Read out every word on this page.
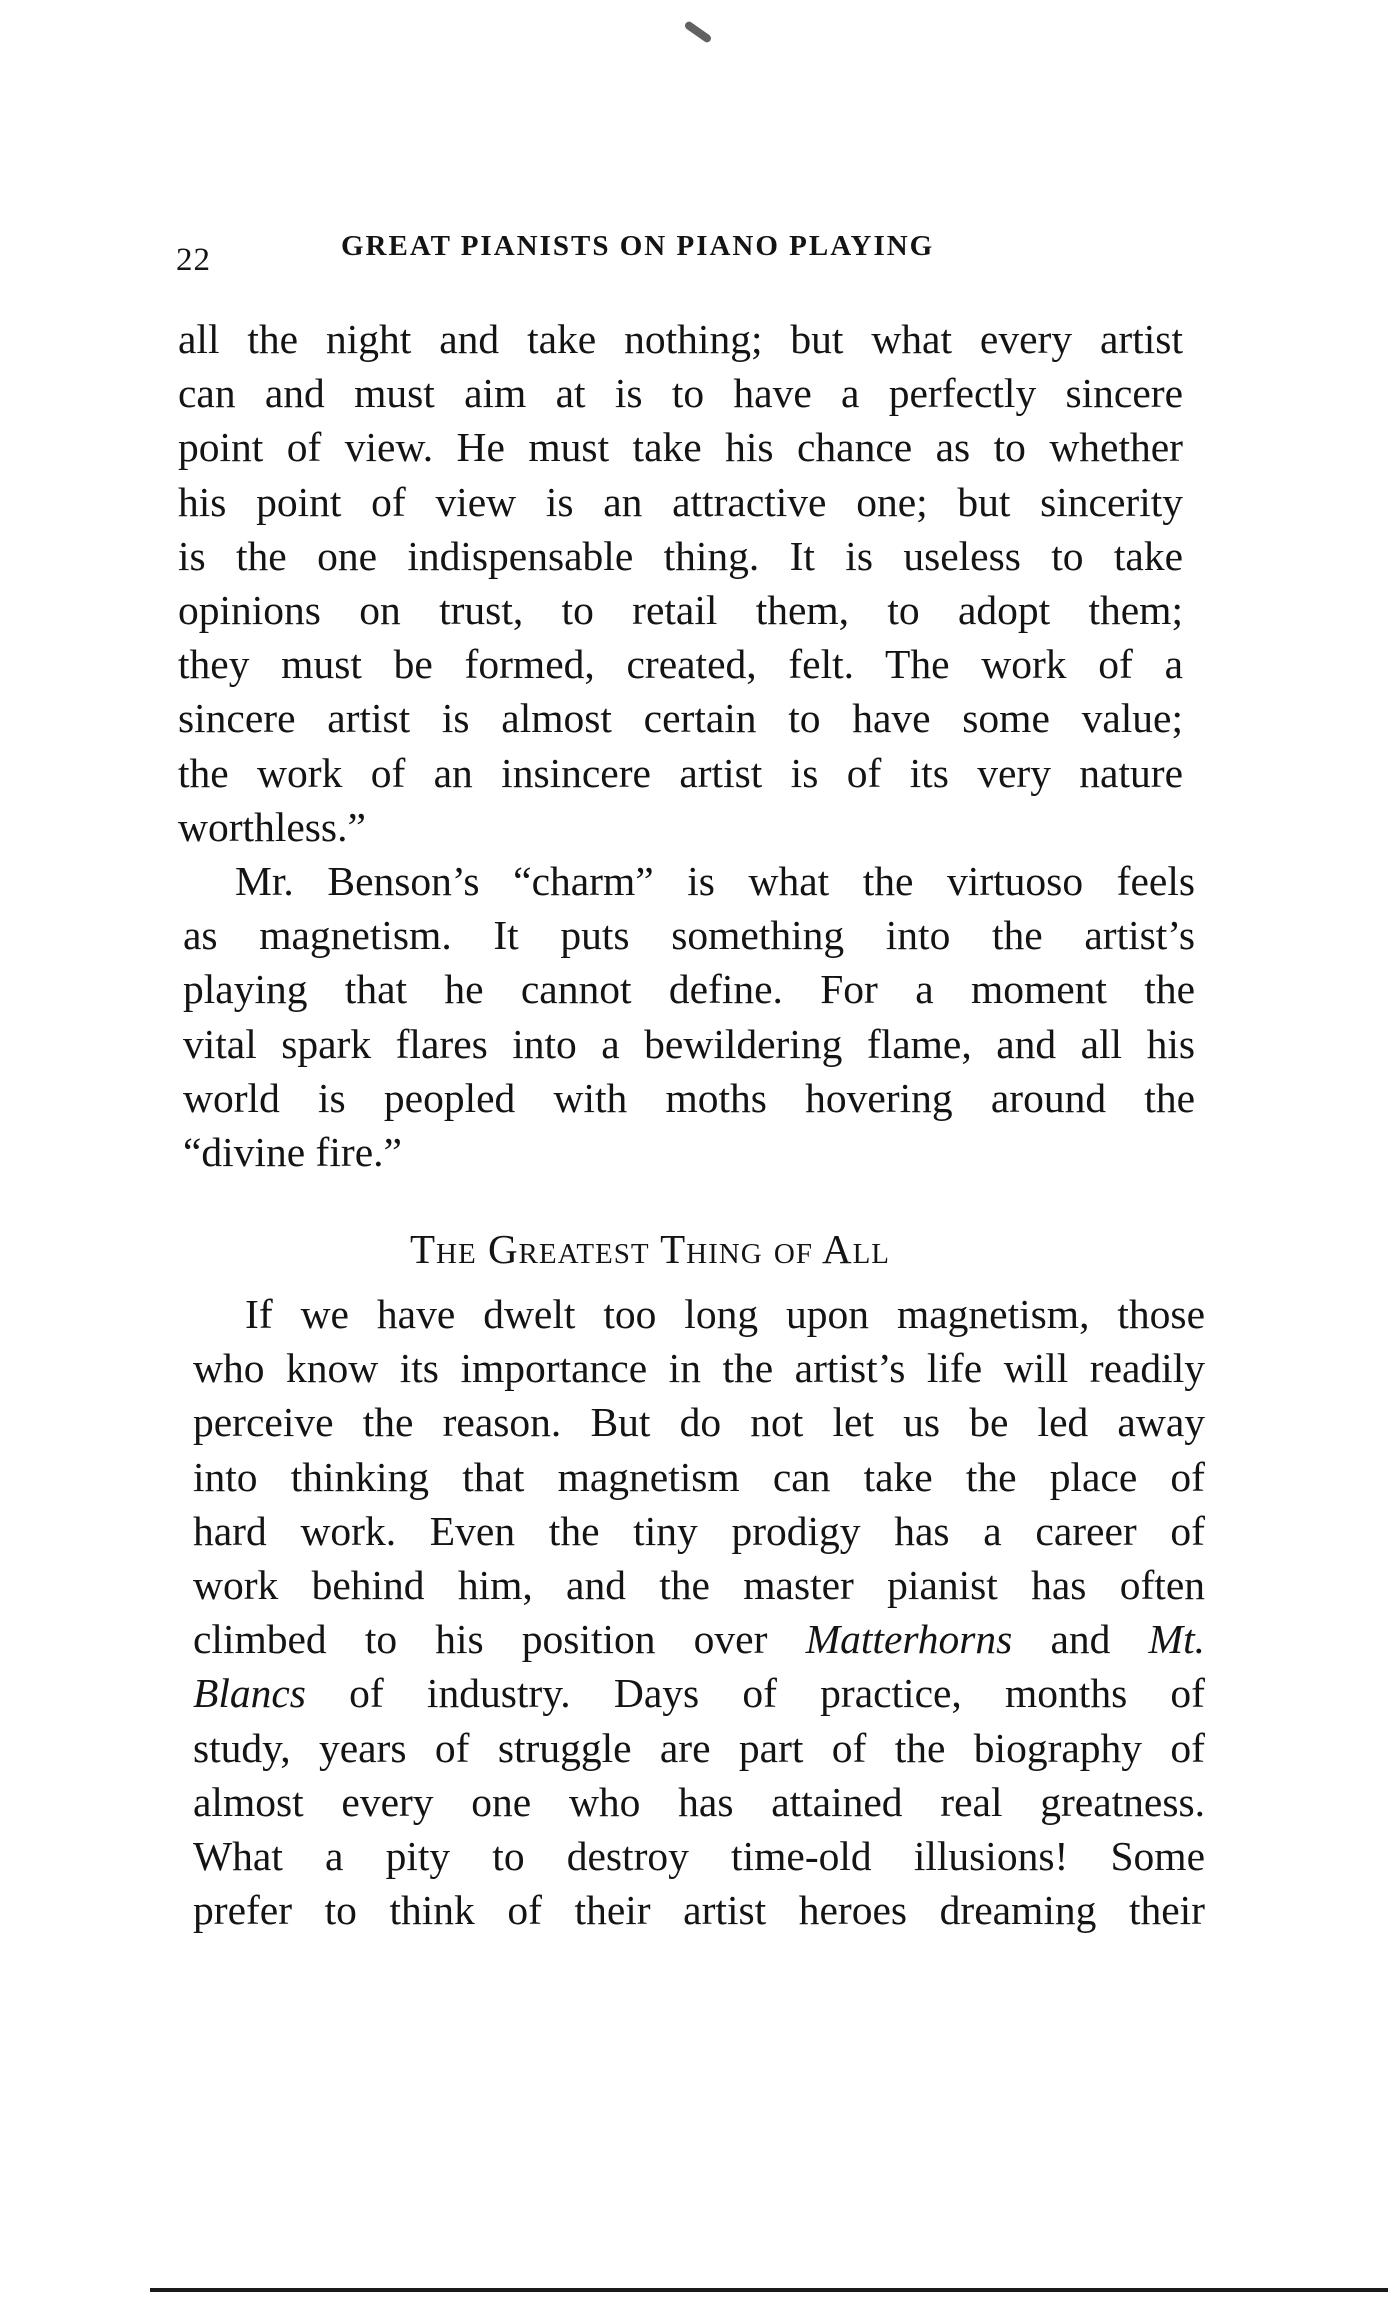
22	GREAT PIANISTS ON PIANO PLAYING
all the night and take nothing; but what every artist
can and must aim at is to have a perfectly sincere
point of view. He must take his chance as to whether
his point of view is an attractive one; but sincerity
is the one indispensable thing. It is useless to take
opinions on trust, to retail them, to adopt them;
they must be formed, created, felt. The work of a
sincere artist is almost certain to have some value;
the work of an insincere artist is of its very nature
worthless.”
Mr. Benson’s “charm” is what the virtuoso feels
as magnetism. It puts something into the artist’s
playing that he cannot define. For a moment the
vital spark flares into a bewildering flame, and all his
world is peopled with moths hovering around the
“divine fire.”
The Greatest Thing of All
If we have dwelt too long upon magnetism, those
who know its importance in the artist’s life will readily
perceive the reason. But do not let us be led away
into thinking that magnetism can take the place of
hard work. Even the tiny prodigy has a career of
work behind him, and the master pianist has often
climbed to his position over Matterhorns and Mt.
Blancs of industry. Days of practice, months of
study, years of struggle are part of the biography of
almost every one who has attained real greatness.
What a pity to destroy time-old illusions! Some
prefer to think of their artist heroes dreaming their
